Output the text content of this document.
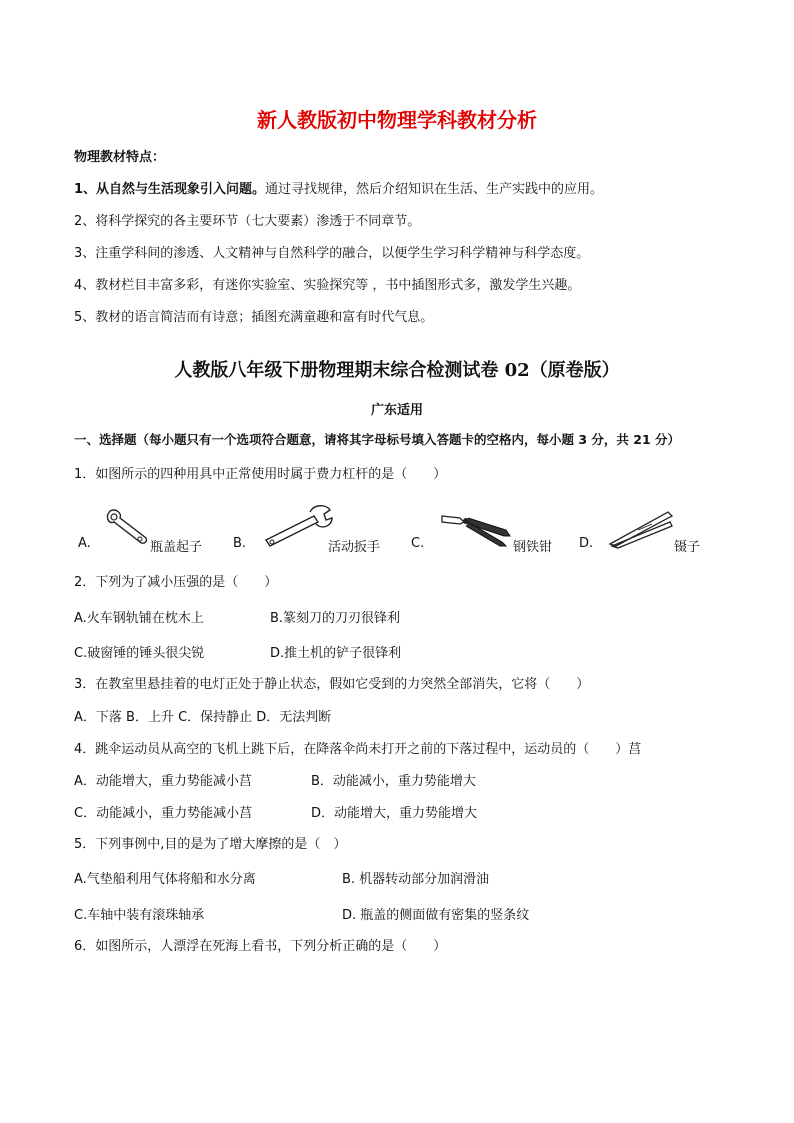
新人教版初中物理学科教材分析
物理教材特点：
1、从自然与生活现象引入问题。通过寻找规律，然后介绍知识在生活、生产实践中的应用。
2、将科学探究的各主要环节（七大要素）渗透于不同章节。
3、注重学科间的渗透、人文精神与自然科学的融合，以便学生学习科学精神与科学态度。
4、教材栏目丰富多彩，有迷你实验室、实验探究等 ，书中插图形式多，激发学生兴趣。
5、教材的语言简洁而有诗意；插图充满童趣和富有时代气息。
人教版八年级下册物理期末综合检测试卷 02（原卷版）
广东适用
一、选择题（每小题只有一个选项符合题意，请将其字母标号填入答题卡的空格内，每小题 3 分，共 21 分）
1．如图所示的四种用具中正常使用时属于费力杠杆的是（　　）
A.	瓶盖起子 B.	活动扳手 C.	钢铁钳 D.	镊子
2．下列为了减小压强的是（　　）
A.火车钢轨铺在枕木上	B.篆刻刀的刀刃很锋利
C.破窗锤的锤头很尖锐	D.推土机的铲子很锋利
3．在教室里悬挂着的电灯正处于静止状态，假如它受到的力突然全部消失，它将（　　）
A．下落 B．上升 C．保持静止 D．无法判断
4．跳伞运动员从高空的飞机上跳下后，在降落伞尚未打开之前的下落过程中，运动员的（　　）莒
A．动能增大，重力势能减小莒	B．动能减小，重力势能增大
C．动能减小，重力势能减小莒	D．动能增大，重力势能增大
5．下列事例中,目的是为了增大摩擦的是（　）
A.气垫船利用气体将船和水分离	B. 机器转动部分加润滑油
C.车轴中装有滚珠轴承	D. 瓶盖的侧面做有密集的竖条纹
6．如图所示，人漂浮在死海上看书，下列分析正确的是（　　）
